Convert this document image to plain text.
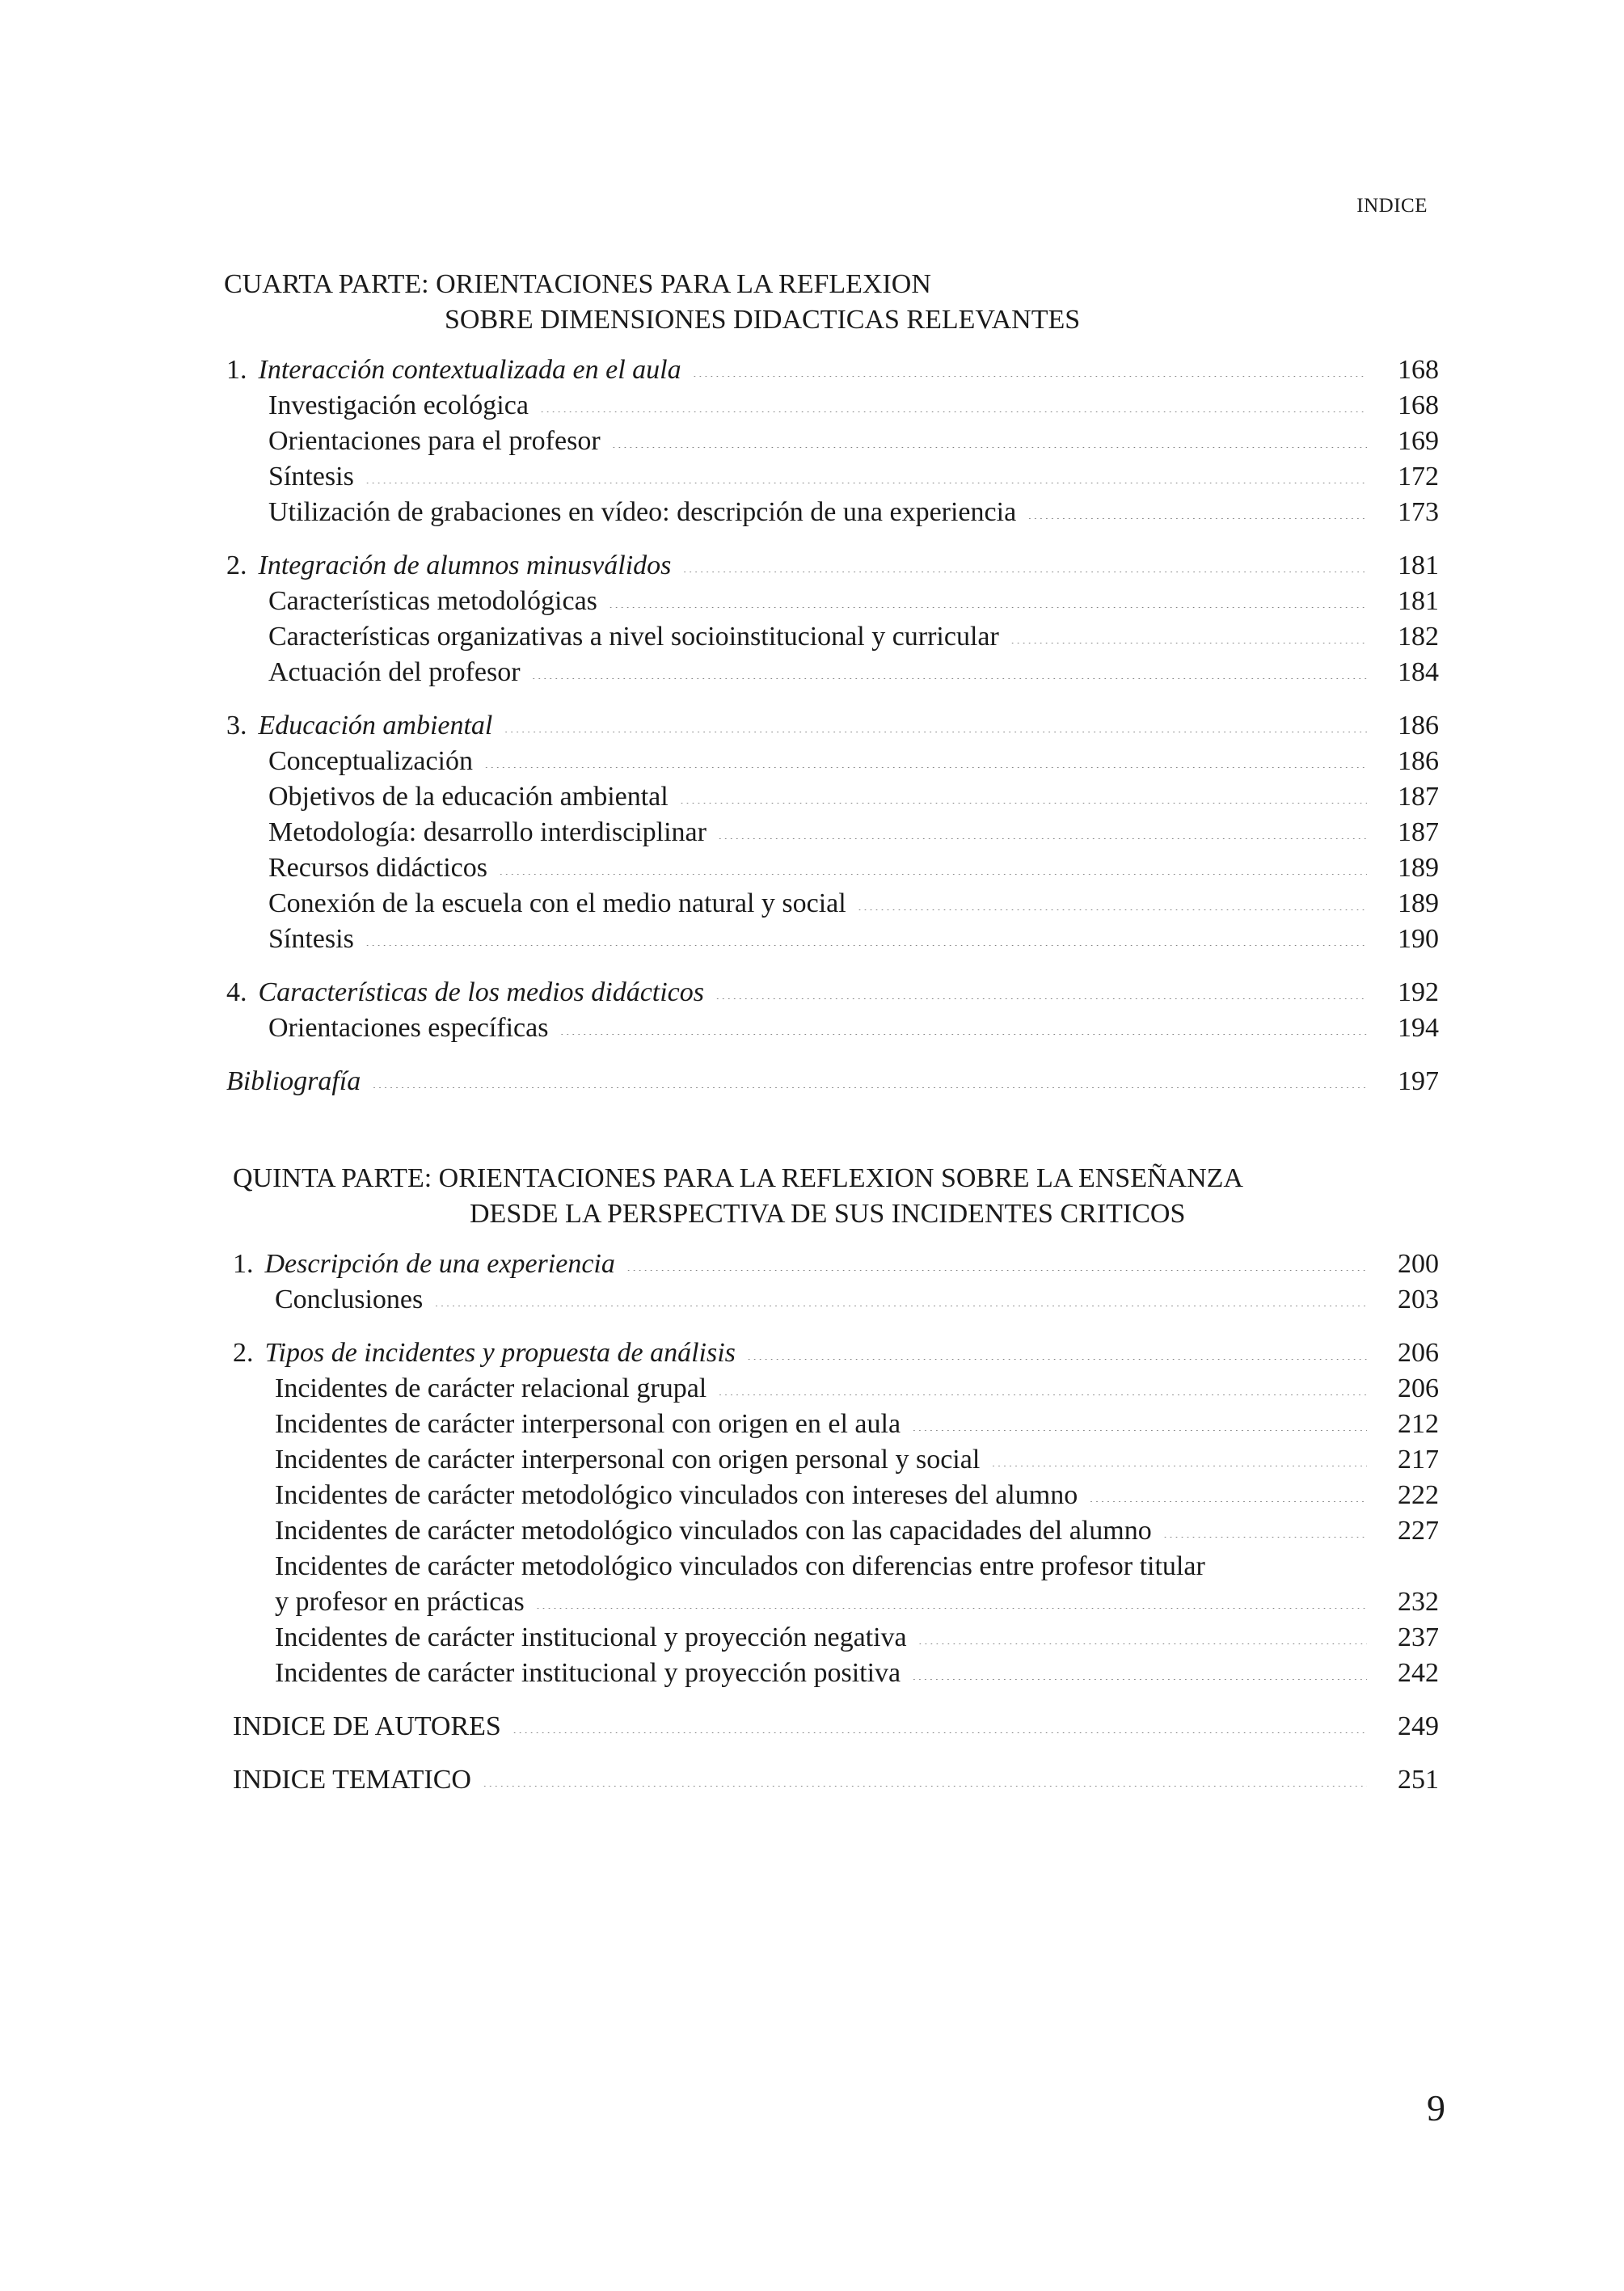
INDICE
CUARTA PARTE: ORIENTACIONES PARA LA REFLEXION
SOBRE DIMENSIONES DIDACTICAS RELEVANTES
1. Interacción contextualizada en el aula . . .	168
Investigación ecológica . . .	168
Orientaciones para el profesor . . .	169
Síntesis . . .	172
Utilización de grabaciones en vídeo: descripción de una experiencia . . .	173
2. Integración de alumnos minusválidos . . .	181
Características metodológicas . . .	181
Características organizativas a nivel socioinstitucional y curricular . . .	182
Actuación del profesor . . .	184
3. Educación ambiental . . .	186
Conceptualización . . .	186
Objetivos de la educación ambiental . . .	187
Metodología: desarrollo interdisciplinar . . .	187
Recursos didácticos . . .	189
Conexión de la escuela con el medio natural y social . . .	189
Síntesis . . .	190
4. Características de los medios didácticos . . .	192
Orientaciones específicas . . .	194
Bibliografía . . .	197
QUINTA PARTE: ORIENTACIONES PARA LA REFLEXION SOBRE LA ENSEÑANZA
DESDE LA PERSPECTIVA DE SUS INCIDENTES CRITICOS
1. Descripción de una experiencia . . .	200
Conclusiones . . .	203
2. Tipos de incidentes y propuesta de análisis . . .	206
Incidentes de carácter relacional grupal . . .	206
Incidentes de carácter interpersonal con origen en el aula . . .	212
Incidentes de carácter interpersonal con origen personal y social . . .	217
Incidentes de carácter metodológico vinculados con intereses del alumno . . .	222
Incidentes de carácter metodológico vinculados con las capacidades del alumno . . .	227
Incidentes de carácter metodológico vinculados con diferencias entre profesor titular
y profesor en prácticas . . .	232
Incidentes de carácter institucional y proyección negativa . . .	237
Incidentes de carácter institucional y proyección positiva . . .	242
INDICE DE AUTORES . . .	249
INDICE TEMATICO . . .	251
9
